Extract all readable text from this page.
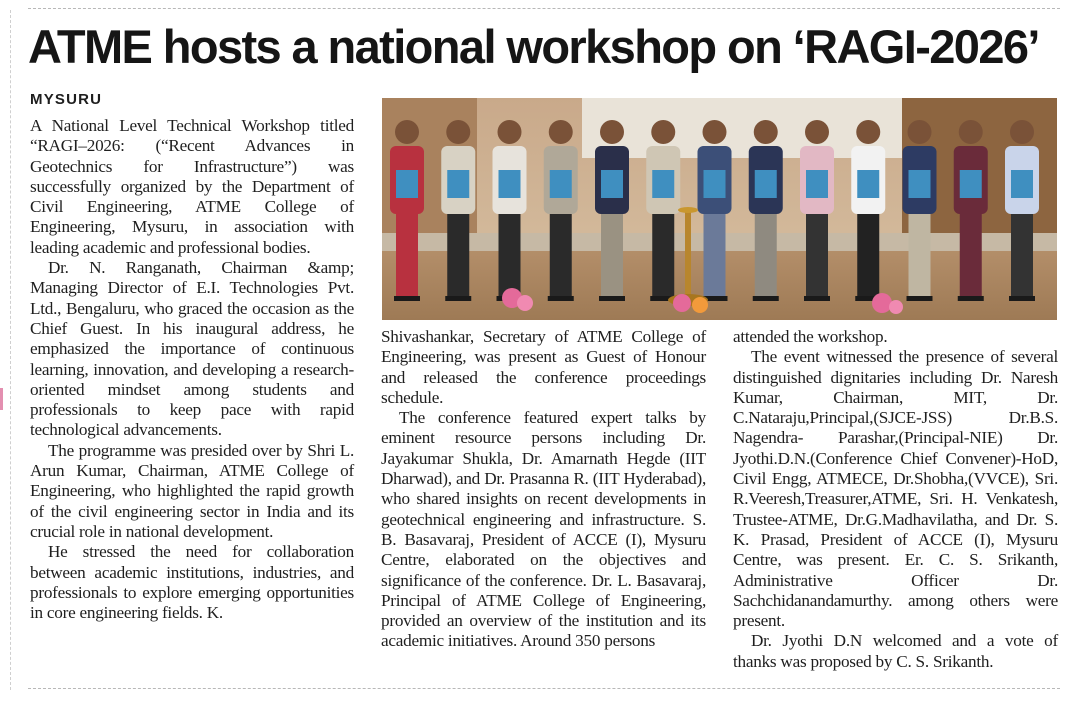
ATME hosts a national workshop on ‘RAGI-2026’
MYSURU

A National Level Technical Workshop titled “RAGI–2026: (“Recent Advances in Geotechnics for Infrastructure”) was successfully organized by the Department of Civil Engineering, ATME College of Engineering, Mysuru, in association with leading academic and professional bodies.

Dr. N. Ranganath, Chairman &amp; Managing Director of E.I. Technologies Pvt. Ltd., Bengaluru, who graced the occasion as the Chief Guest. In his inaugural address, he emphasized the importance of continuous learning, innovation, and developing a research- oriented mindset among students and professionals to keep pace with rapid technological advancements.

The programme was presided over by Shri L. Arun Kumar, Chairman, ATME College of Engineering, who highlighted the rapid growth of the civil engineering sector in India and its crucial role in national development.

He stressed the need for collaboration between academic institutions, industries, and professionals to explore emerging opportunities in core engineering fields. K.

Shivashankar, Secretary of ATME College of Engineering, was present as Guest of Honour and released the conference proceedings schedule.

The conference featured expert talks by eminent resource persons including Dr. Jayakumar Shukla, Dr. Amarnath Hegde (IIT Dharwad), and Dr. Prasanna R. (IIT Hyderabad), who shared insights on recent developments in geotechnical engineering and infrastructure. S. B. Basavaraj, President of ACCE (I), Mysuru Centre, elaborated on the objectives and significance of the conference. Dr. L. Basavaraj, Principal of ATME College of Engineering, provided an overview of the institution and its academic initiatives. Around 350 persons

attended the workshop.

The event witnessed the presence of several distinguished dignitaries including Dr. Naresh Kumar, Chairman, MIT, Dr. C.Nataraju,Principal,(SJCE-JSS) Dr.B.S. Nagendra- Parashar,(Principal-NIE) Dr. Jyothi.D.N.(Conference Chief Convener)-HoD, Civil Engg, ATMECE, Dr.Shobha,(VVCE), Sri. R.Veeresh,Treasurer,ATME, Sri. H. Venkatesh, Trustee-ATME, Dr.G.Madhavilatha, and Dr. S. K. Prasad, President of ACCE (I), Mysuru Centre, was present. Er. C. S. Srikanth, Administrative Officer Dr. Sachchidanandamurthy. among others were present.

Dr. Jyothi D.N welcomed and a vote of thanks was proposed by C. S. Srikanth.
